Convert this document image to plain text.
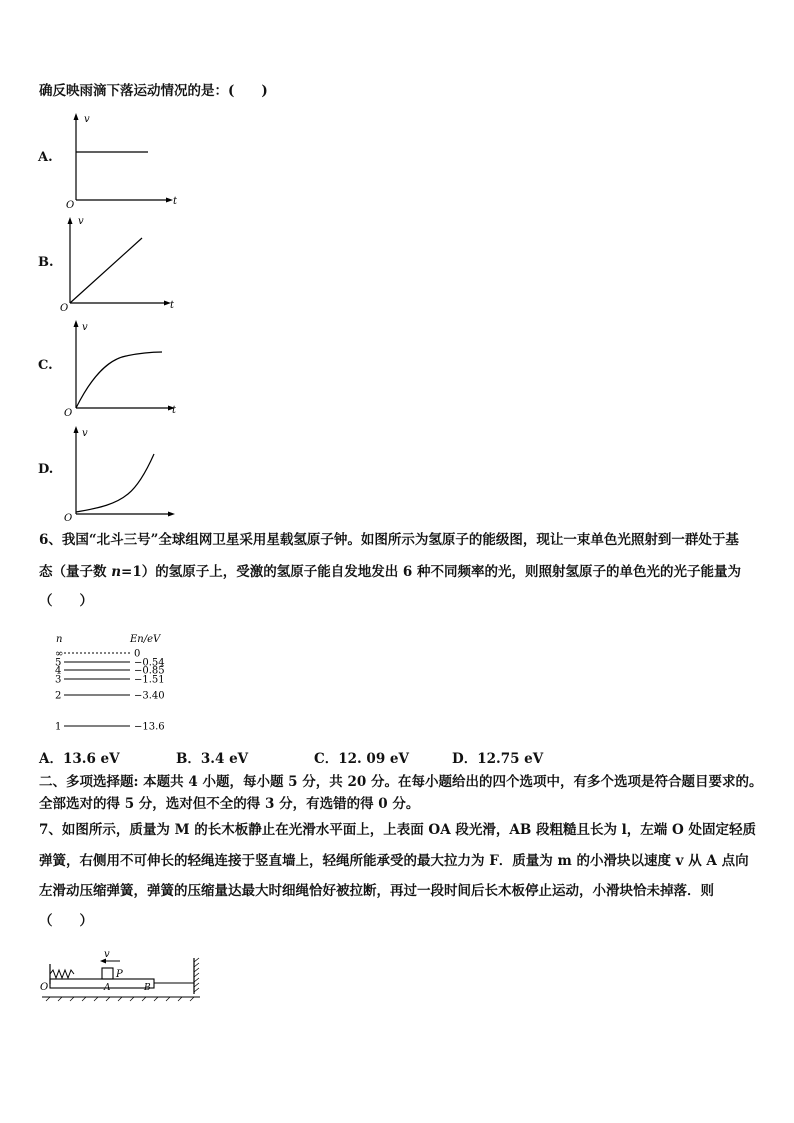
确反映雨滴下落运动情况的是：(　　)
A.
v
t
O
B.
v
t
O
C.
v
t
O
D.
v
O
6、我国“北斗三号”全球组网卫星采用星载氢原子钟。如图所示为氢原子的能级图，现让一束单色光照射到一群处于基
态（量子数 n=1）的氢原子上，受激的氢原子能自发地发出 6 种不同频率的光，则照射氢原子的单色光的光子能量为
（　　）
n	En/eV
∞	0
5	−0.54
4	−0.85
3	−1.51
2	−3.40
1	−13.6
A．13.6 eV	B．3.4 eV	C．12. 09 eV	D．12.75 eV
二、多项选择题: 本题共 4 小题，每小题 5 分，共 20 分。在每小题给出的四个选项中，有多个选项是符合题目要求的。
全部选对的得 5 分，选对但不全的得 3 分，有选错的得 0 分。
7、如图所示，质量为 M 的长木板静止在光滑水平面上，上表面 OA 段光滑，AB 段粗糙且长为 l，左端 O 处固定轻质
弹簧，右侧用不可伸长的轻绳连接于竖直墙上，轻绳所能承受的最大拉力为 F．质量为 m 的小滑块以速度 v 从 A 点向
左滑动压缩弹簧，弹簧的压缩量达最大时细绳恰好被拉断，再过一段时间后长木板停止运动，小滑块恰未掉落．则
（　　）
v
P
O	A	B
